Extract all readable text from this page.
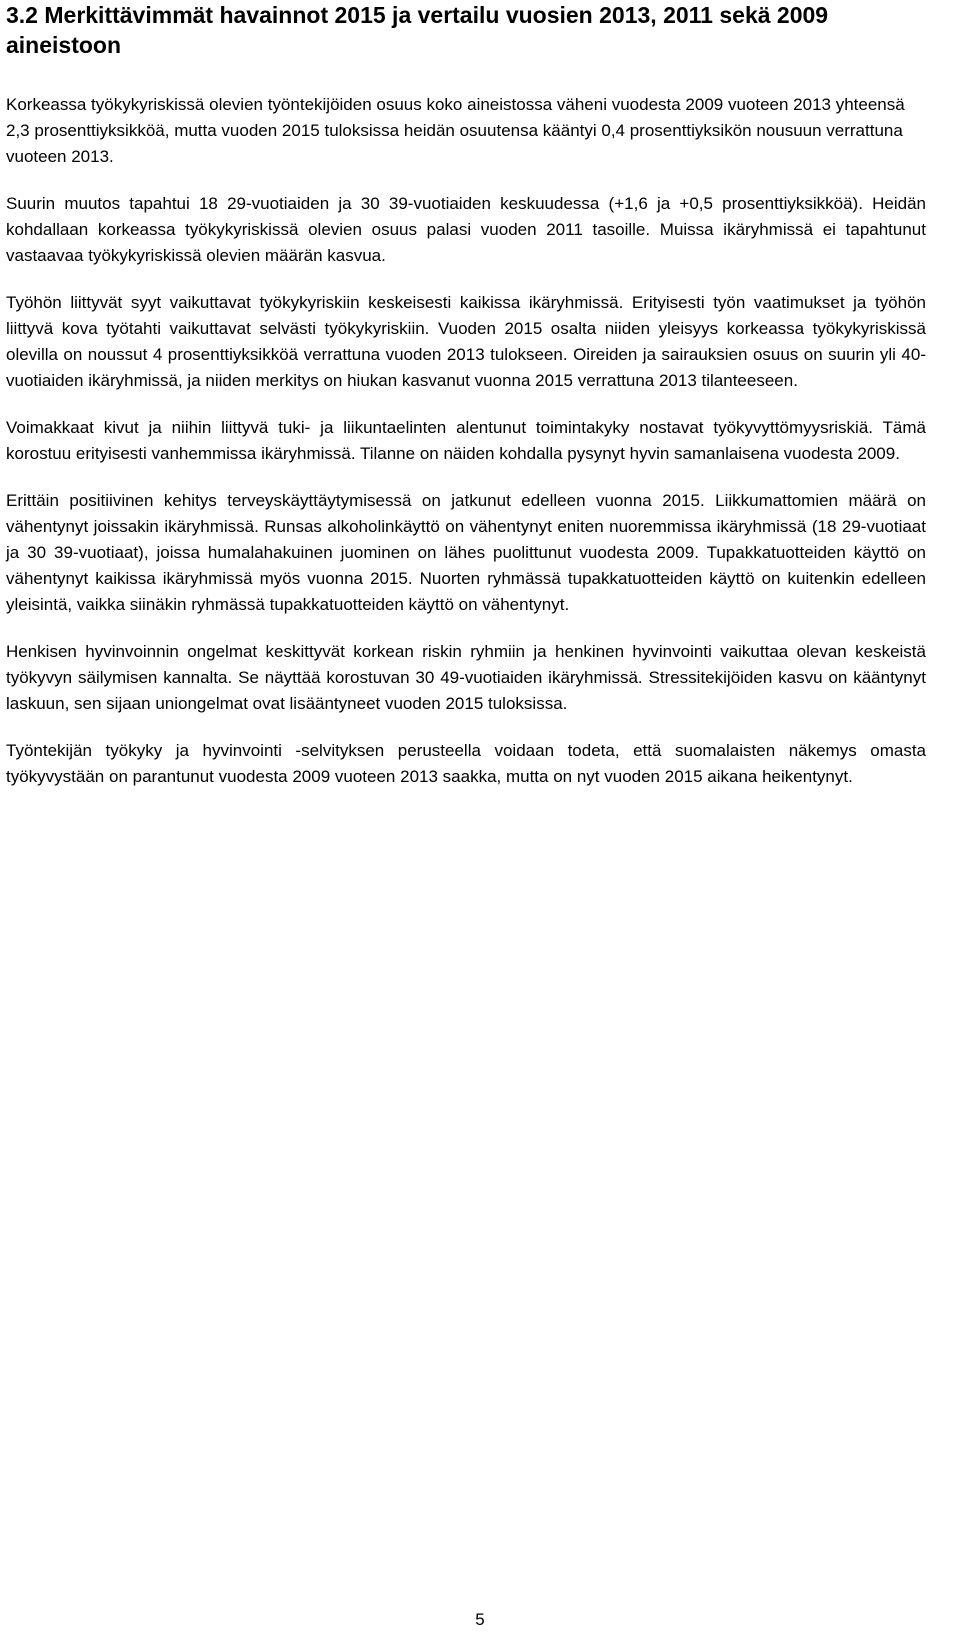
3.2 Merkittävimmät havainnot 2015 ja vertailu vuosien 2013, 2011 sekä 2009 aineistoon

Korkeassa työkykyriskissä olevien työntekijöiden osuus koko aineistossa väheni vuodesta 2009 vuoteen 2013 yhteensä 2,3 prosenttiyksikköä, mutta vuoden 2015 tuloksissa heidän osuutensa kääntyi 0,4 prosenttiyksikön nousuun verrattuna vuoteen 2013.

Suurin muutos tapahtui 18 29-vuotiaiden ja 30 39-vuotiaiden keskuudessa (+1,6 ja +0,5 prosenttiyksikköä). Heidän kohdallaan korkeassa työkykyriskissä olevien osuus palasi vuoden 2011 tasoille. Muissa ikäryhmissä ei tapahtunut vastaavaa työkykyriskissä olevien määrän kasvua.

Työhön liittyvät syyt vaikuttavat työkykyriskiin keskeisesti kaikissa ikäryhmissä. Erityisesti työn vaatimukset ja työhön liittyvä kova työtahti vaikuttavat selvästi työkykyriskiin. Vuoden 2015 osalta niiden yleisyys korkeassa työkykyriskissä olevilla on noussut 4 prosenttiyksikköä verrattuna vuoden 2013 tulokseen. Oireiden ja sairauksien osuus on suurin yli 40-vuotiaiden ikäryhmissä, ja niiden merkitys on hiukan kasvanut vuonna 2015 verrattuna 2013 tilanteeseen.

Voimakkaat kivut ja niihin liittyvä tuki- ja liikuntaelinten alentunut toimintakyky nostavat työkyvyttömyysriskiä. Tämä korostuu erityisesti vanhemmissa ikäryhmissä. Tilanne on näiden kohdalla pysynyt hyvin samanlaisena vuodesta 2009.

Erittäin positiivinen kehitys terveyskäyttäytymisessä on jatkunut edelleen vuonna 2015. Liikkumattomien määrä on vähentynyt joissakin ikäryhmissä. Runsas alkoholinkäyttö on vähentynyt eniten nuoremmissa ikäryhmissä (18 29-vuotiaat ja 30 39-vuotiaat), joissa humalahakuinen juominen on lähes puolittunut vuodesta 2009. Tupakkatuotteiden käyttö on vähentynyt kaikissa ikäryhmissä myös vuonna 2015. Nuorten ryhmässä tupakkatuotteiden käyttö on kuitenkin edelleen yleisintä, vaikka siinäkin ryhmässä tupakkatuotteiden käyttö on vähentynyt.

Henkisen hyvinvoinnin ongelmat keskittyvät korkean riskin ryhmiin ja henkinen hyvinvointi vaikuttaa olevan keskeistä työkyvyn säilymisen kannalta. Se näyttää korostuvan 30 49-vuotiaiden ikäryhmissä. Stressitekijöiden kasvu on kääntynyt laskuun, sen sijaan uniongelmat ovat lisääntyneet vuoden 2015 tuloksissa.

Työntekijän työkyky ja hyvinvointi -selvityksen perusteella voidaan todeta, että suomalaisten näkemys omasta työkyvystään on parantunut vuodesta 2009 vuoteen 2013 saakka, mutta on nyt vuoden 2015 aikana heikentynyt.

5
